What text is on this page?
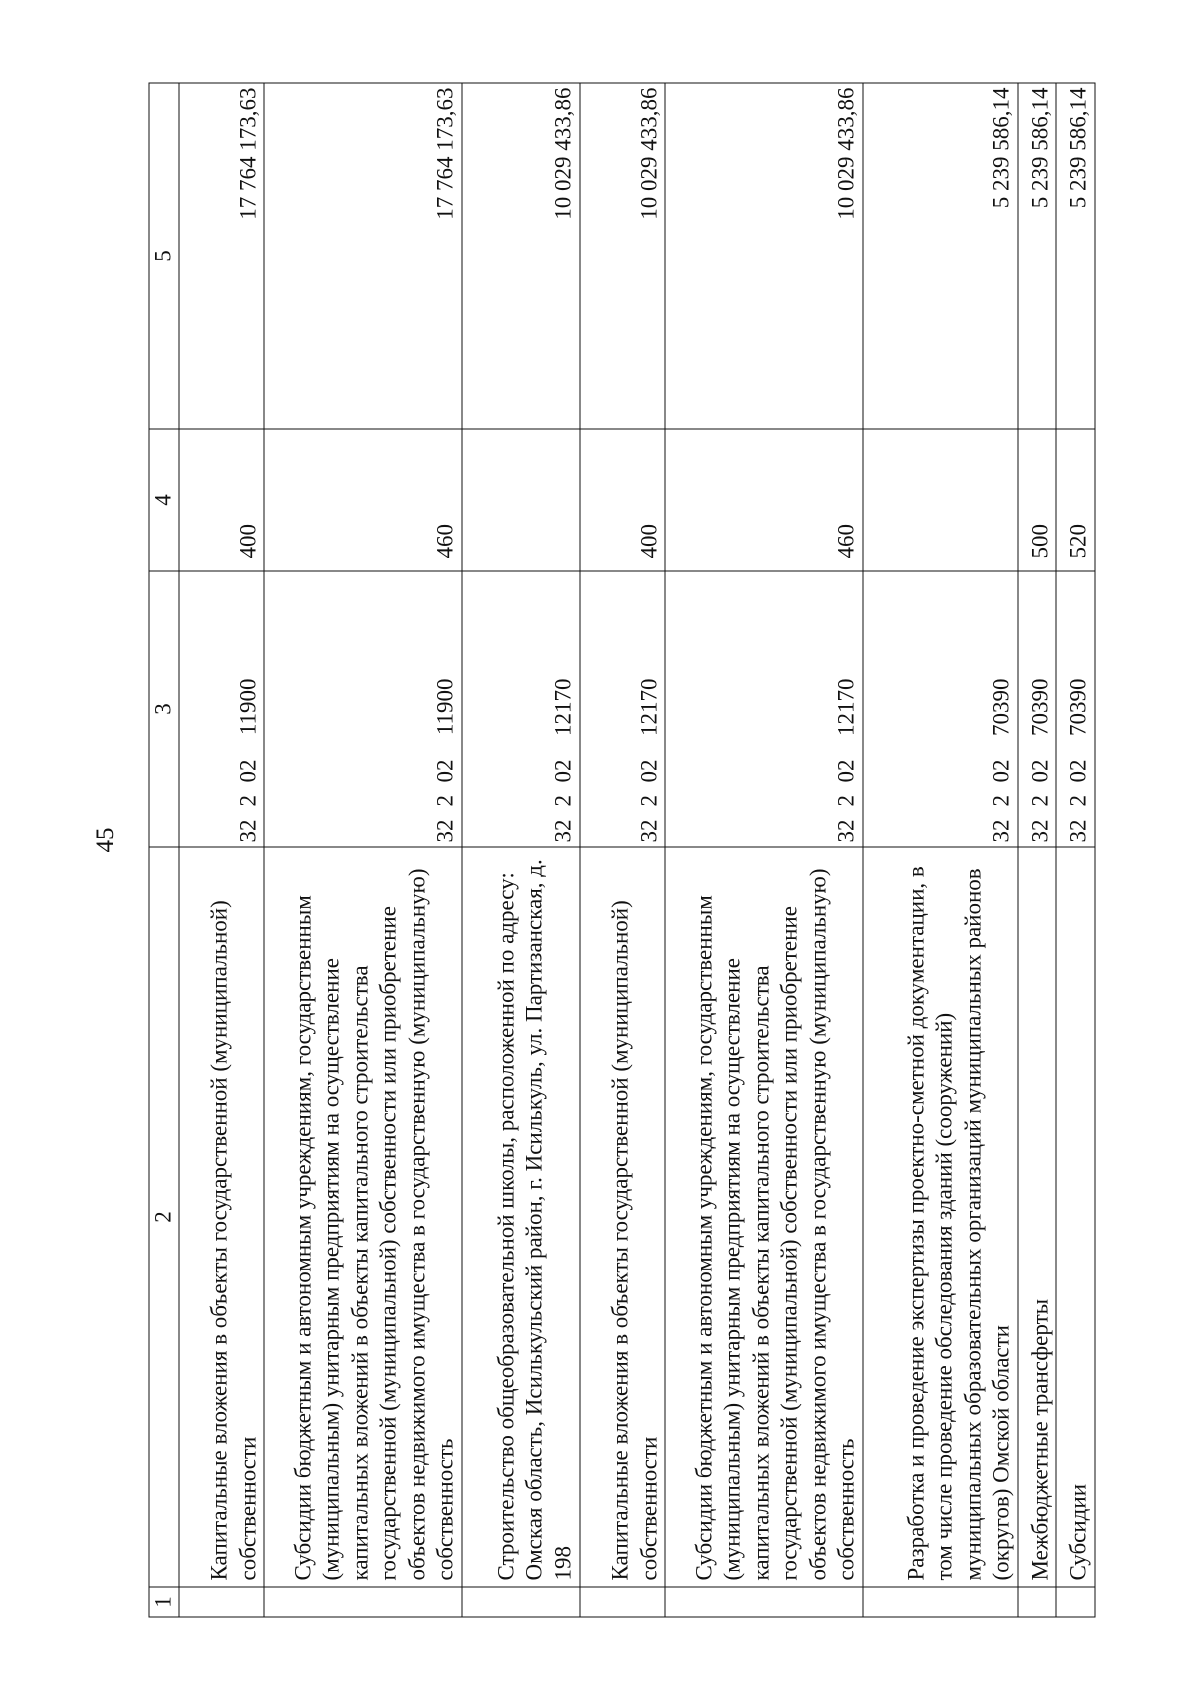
45
1	2	3	4	5
	Капитальные вложения в объекты государственной (муниципальной) собственности	3220211900	400	17 764 173,63
	Субсидии бюджетным и автономным учреждениям, государственным (муниципальным) унитарным предприятиям на осуществление капитальных вложений в объекты капитального строительства государственной (муниципальной) собственности или приобретение объектов недвижимого имущества в государственную (муниципальную) собственность	3220211900	460	17 764 173,63
	Строительство общеобразовательной школы, расположенной по адресу: Омская область, Исилькульский район, г. Исилькуль, ул. Партизанская, д. 198	3220212170		10 029 433,86
	Капитальные вложения в объекты государственной (муниципальной) собственности	3220212170	400	10 029 433,86
	Субсидии бюджетным и автономным учреждениям, государственным (муниципальным) унитарным предприятиям на осуществление капитальных вложений в объекты капитального строительства государственной (муниципальной) собственности или приобретение объектов недвижимого имущества в государственную (муниципальную) собственность	3220212170	460	10 029 433,86
	Разработка и проведение экспертизы проектно-сметной документации, в том числе проведение обследования зданий (сооружений) муниципальных образовательных организаций муниципальных районов (округов) Омской области	3220270390		5 239 586,14
	Межбюджетные трансферты	3220270390	500	5 239 586,14
	Субсидии	3220270390	520	5 239 586,14
